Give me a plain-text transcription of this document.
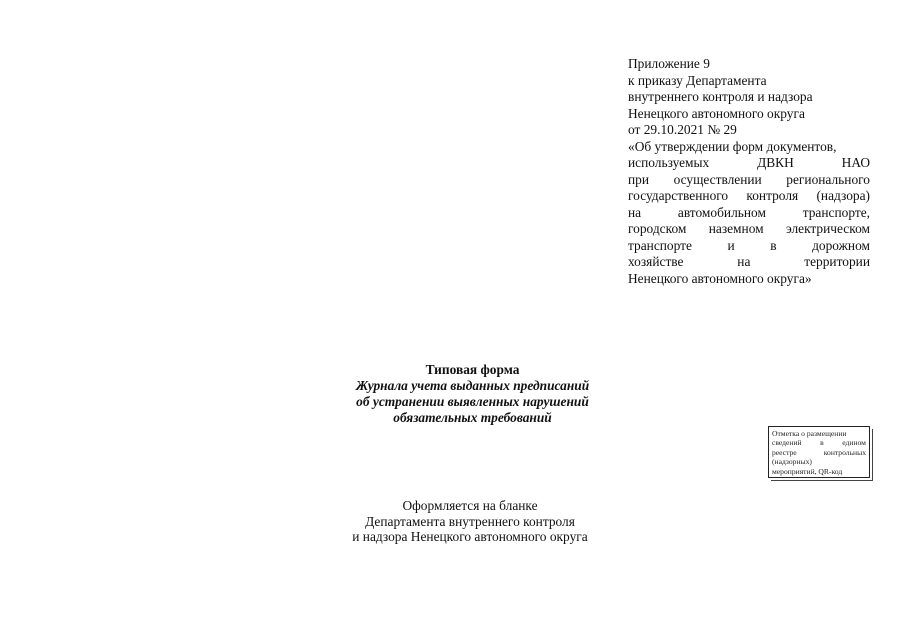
Приложение 9
к приказу Департамента
внутреннего контроля и надзора
Ненецкого автономного округа
от 29.10.2021 № 29
«Об утверждении форм документов,
используемых ДВКН НАО
при осуществлении регионального
государственного контроля (надзора)
на автомобильном транспорте,
городском наземном электрическом
транспорте и в дорожном
хозяйстве на территории
Ненецкого автономного округа»
Типовая форма
Журнала учета выданных предписаний
об устранении выявленных нарушений
обязательных требований
Отметка о размещении
сведений в едином
реестре контрольных
(надзорных)
мероприятий, QR-код
Оформляется на бланке
Департамента внутреннего контроля
и надзора Ненецкого автономного округа
